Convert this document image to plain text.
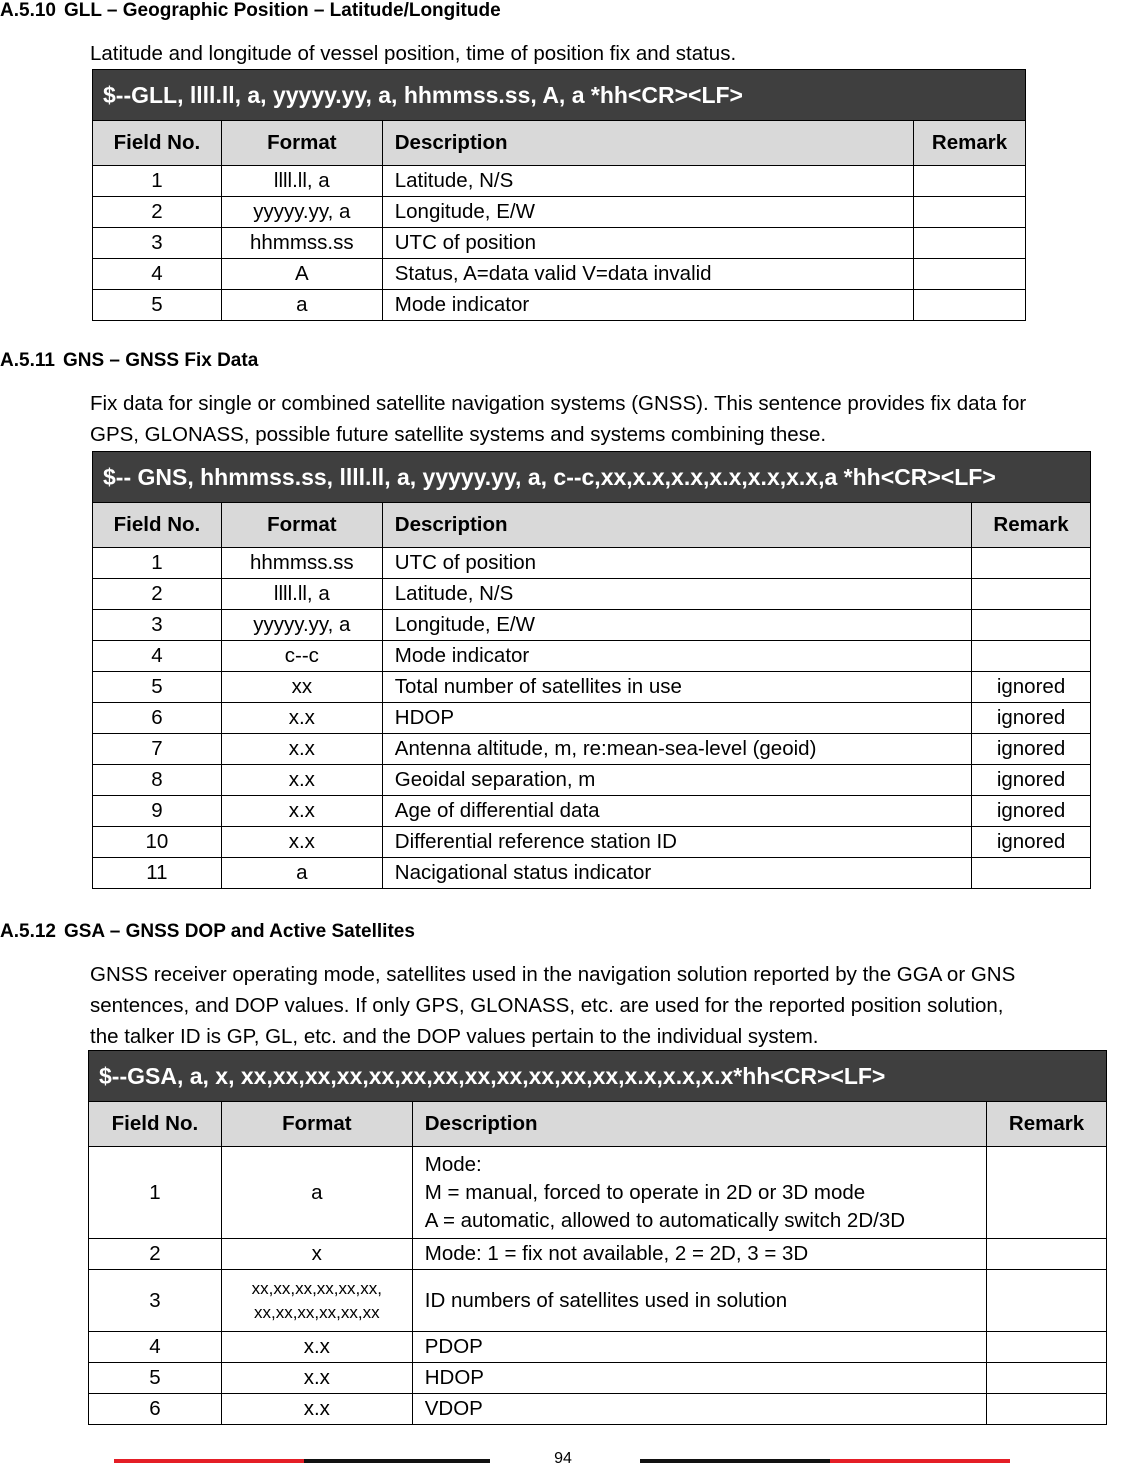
A.5.10 GLL – Geographic Position – Latitude/Longitude
Latitude and longitude of vessel position, time of position fix and status.
$--GLL, llll.ll, a, yyyyy.yy, a, hhmmss.ss, A, a *hh<CR><LF>			
Field No.	Format	Description	Remark
1	llll.ll, a	Latitude, N/S	
2	yyyyy.yy, a	Longitude, E/W	
3	hhmmss.ss	UTC of position	
4	A	Status, A=data valid V=data invalid	
5	a	Mode indicator	
A.5.11 GNS – GNSS Fix Data
Fix data for single or combined satellite navigation systems (GNSS). This sentence provides fix data for
GPS, GLONASS, possible future satellite systems and systems combining these.
$-- GNS, hhmmss.ss, llll.ll, a, yyyyy.yy, a, c--c,xx,x.x,x.x,x.x,x.x,x.x,a *hh<CR><LF>			
Field No.	Format	Description	Remark
1	hhmmss.ss	UTC of position	
2	llll.ll, a	Latitude, N/S	
3	yyyyy.yy, a	Longitude, E/W	
4	c--c	Mode indicator	
5	xx	Total number of satellites in use	ignored
6	x.x	HDOP	ignored
7	x.x	Antenna altitude, m, re:mean-sea-level (geoid)	ignored
8	x.x	Geoidal separation, m	ignored
9	x.x	Age of differential data	ignored
10	x.x	Differential reference station ID	ignored
11	a	Nacigational status indicator	
A.5.12 GSA – GNSS DOP and Active Satellites
GNSS receiver operating mode, satellites used in the navigation solution reported by the GGA or GNS
sentences, and DOP values. If only GPS, GLONASS, etc. are used for the reported position solution,
the talker ID is GP, GL, etc. and the DOP values pertain to the individual system.
$--GSA, a, x, xx,xx,xx,xx,xx,xx,xx,xx,xx,xx,xx,xx,x.x,x.x,x.x*hh<CR><LF>			
Field No.	Format	Description	Remark
1	a	Mode:
M = manual, forced to operate in 2D or 3D mode
A = automatic, allowed to automatically switch 2D/3D	

2	x	Mode: 1 = fix not available, 2 = 2D, 3 = 3D	
3	xx,xx,xx,xx,xx,xx,
xx,xx,xx,xx,xx,xx	ID numbers of satellites used in solution	
4	x.x	PDOP	
5	x.x	HDOP	
6	x.x	VDOP	
94
